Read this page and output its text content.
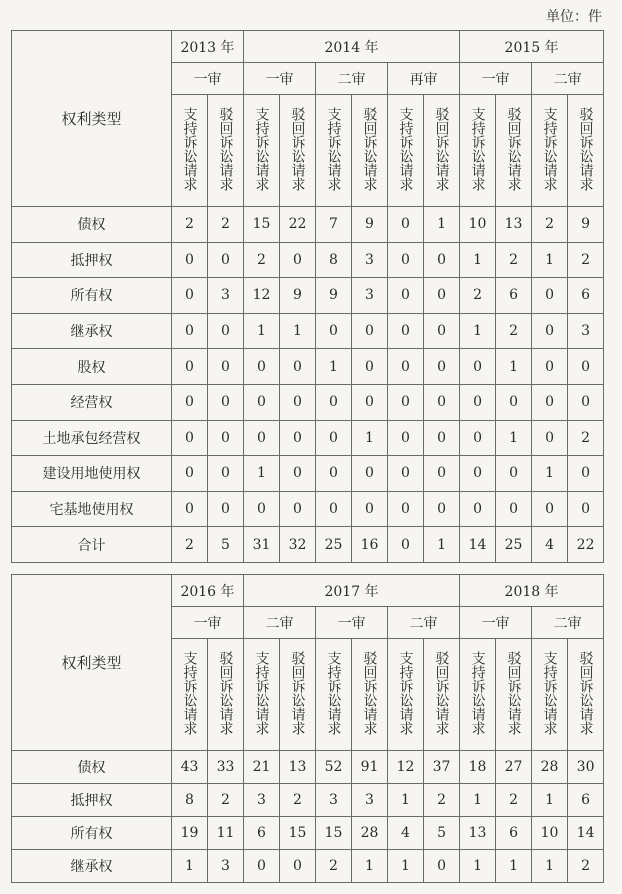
单位：件
权利类型	2013 年		2014 年						2015 年			
	一审		一审		二审		再审		一审		二审	
	支持诉讼请求	驳回诉讼请求	支持诉讼请求	驳回诉讼请求	支持诉讼请求	驳回诉讼请求	支持诉讼请求	驳回诉讼请求	支持诉讼请求	驳回诉讼请求	支持诉讼请求	驳回诉讼请求
债权	2	2	15	22	7	9	0	1	10	13	2	9
抵押权	0	0	2	0	8	3	0	0	1	2	1	2
所有权	0	3	12	9	9	3	0	0	2	6	0	6
继承权	0	0	1	1	0	0	0	0	1	2	0	3
股权	0	0	0	0	1	0	0	0	0	1	0	0
经营权	0	0	0	0	0	0	0	0	0	0	0	0
土地承包经营权	0	0	0	0	0	1	0	0	0	1	0	2
建设用地使用权	0	0	1	0	0	0	0	0	0	0	1	0
宅基地使用权	0	0	0	0	0	0	0	0	0	0	0	0
合计	2	5	31	32	25	16	0	1	14	25	4	22
权利类型	2016 年		2017 年						2018 年			
	一审		二审		一审		二审		一审		二审	
	支持诉讼请求	驳回诉讼请求	支持诉讼请求	驳回诉讼请求	支持诉讼请求	驳回诉讼请求	支持诉讼请求	驳回诉讼请求	支持诉讼请求	驳回诉讼请求	支持诉讼请求	驳回诉讼请求
债权	43	33	21	13	52	91	12	37	18	27	28	30
抵押权	8	2	3	2	3	3	1	2	1	2	1	6
所有权	19	11	6	15	15	28	4	5	13	6	10	14
继承权	1	3	0	0	2	1	1	0	1	1	1	2
